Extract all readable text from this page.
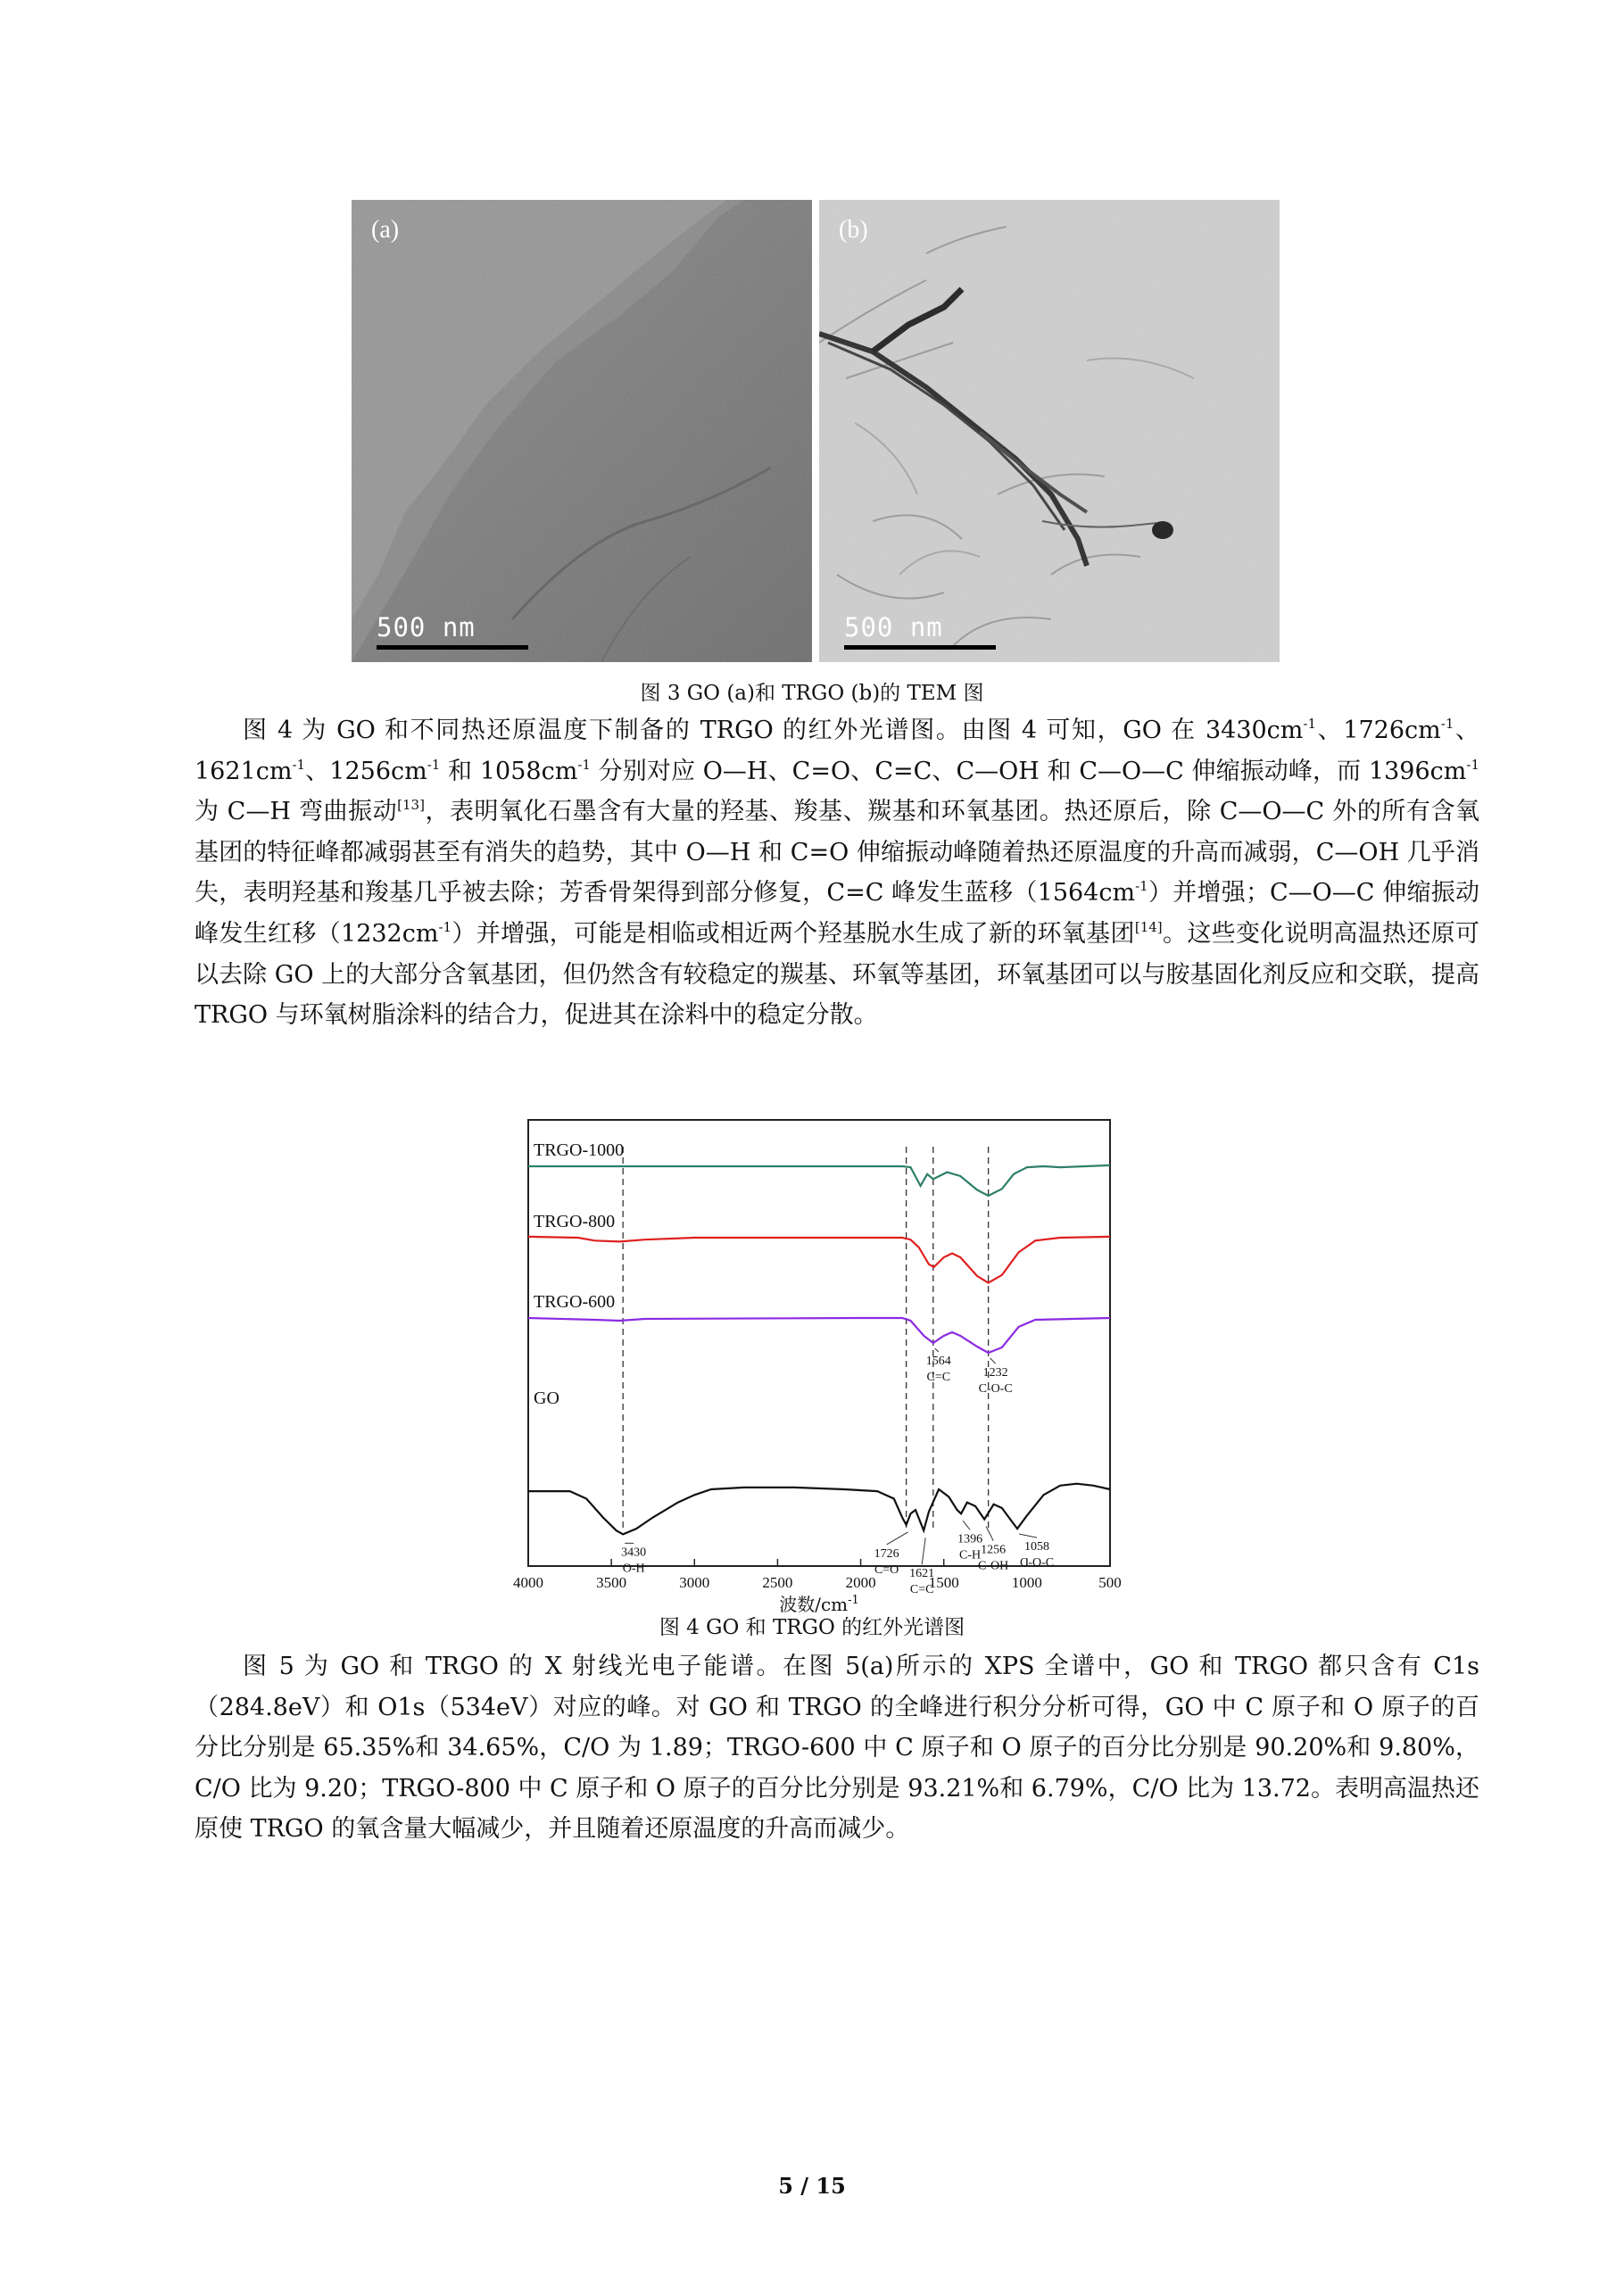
(a)
500 nm
(b)
500 nm
图 3 GO (a)和 TRGO (b)的 TEM 图

图 4 为 GO 和不同热还原温度下制备的 TRGO 的红外光谱图。由图 4 可知，GO 在 $3430cm^{-1}$、$1726cm^{-1}$、$1621cm^{-1}$、$1256cm^{-1}$ 和 $1058cm^{-1}$ 分别对应 O—H、C=O、C=C、C—OH 和 C—O—C 伸缩振动峰，而 $1396cm^{-1}$ 为 C—H 弯曲振动[13]，表明氧化石墨含有大量的羟基、羧基、羰基和环氧基团。热还原后，除 C—O—C 外的所有含氧基团的特征峰都减弱甚至有消失的趋势，其中 O—H 和 C=O 伸缩振动峰随着热还原温度的升高而减弱，C—OH 几乎消失，表明羟基和羧基几乎被去除；芳香骨架得到部分修复，C=C 峰发生蓝移$(1564cm^{-1})$并增强；C—O—C 伸缩振动峰发生红移$(1232cm^{-1})$并增强，可能是相临或相近两个羟基脱水生成了新的环氧基团[14]。这些变化说明高温热还原可以去除 GO 上的大部分含氧基团，但仍然含有较稳定的羰基、环氧等基团，环氧基团可以与胺基固化剂反应和交联，提高 TRGO 与环氧树脂涂料的结合力，促进其在涂料中的稳定分散。

TRGO-1000
TRGO-800
TRGO-600
GO
4000	3500	3000	2500	2000	1500	1000	500
波数$/cm^{-1}$
3430
O-H
1726
C=O 1621
C=C
1396
C-H 1256
C-OH
1058
C-O-C
1564
C=C	1232
C-O-C
图 4 GO 和 TRGO 的红外光谱图

图 5 为 GO 和 TRGO 的 X 射线光电子能谱。在图 5(a)所示的 XPS 全谱中，GO 和 TRGO 都只含有 C1s（284.8eV）和 O1s（534eV）对应的峰。对 GO 和 TRGO 的全峰进行积分分析可得，GO 中 C 原子和 O 原子的百分比分别是 65.35%和 34.65%，C/O 为 1.89；TRGO-600 中 C 原子和 O 原子的百分比分别是 90.20%和 9.80%，C/O 比为 9.20；TRGO-800 中 C 原子和 O 原子的百分比分别是 93.21%和 6.79%，C/O 比为 13.72。表明高温热还原使 TRGO 的氧含量大幅减少，并且随着还原温度的升高而减少。

5 / 15
